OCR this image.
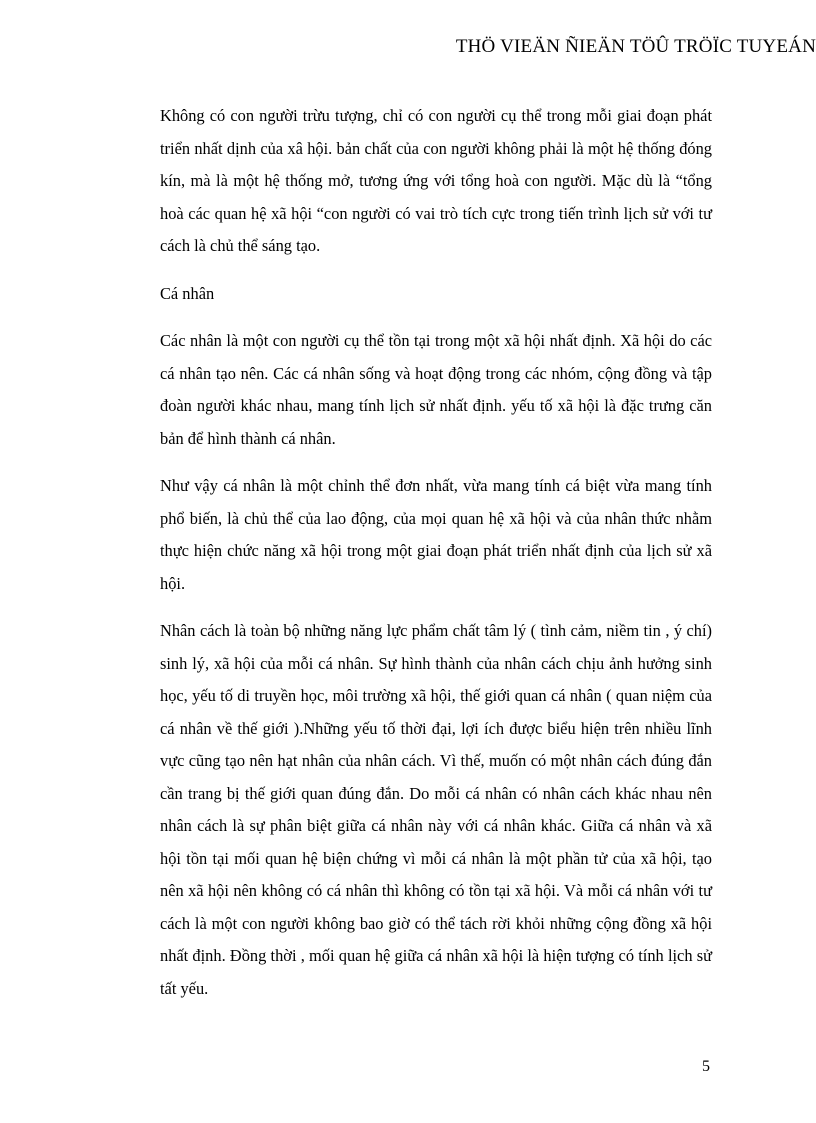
THÖ VIEÄN ÑIEÄN TÖÛ TRÖÏC TUYEÁN

Không có con người trừu tượng, chỉ có con người cụ thể trong mỗi giai đoạn phát triển nhất dịnh của xâ hội. bản chất của con người không phải là một hệ thống đóng kín, mà là một hệ thống mở, tương ứng với tổng hoà con người. Mặc dù là “tổng hoà các quan hệ xã hội “con người có vai trò tích cực trong tiến trình lịch sử với tư cách là chủ thể sáng tạo.

Cá nhân

Các nhân là một con người cụ thể tồn tại trong một xã hội nhất định. Xã hội do các cá nhân tạo nên. Các cá nhân sống và hoạt động trong các nhóm, cộng đồng và tập đoàn người khác nhau, mang tính lịch sử nhất định. yếu tố xã hội là đặc trưng căn bản để hình thành cá nhân.

Như vậy cá nhân là một chỉnh thể đơn nhất, vừa mang tính cá biệt vừa mang tính phổ biến, là chủ thể của lao động, của mọi quan hệ xã hội và của nhân thức nhằm thực hiện chức năng xã hội trong một giai đoạn phát triển nhất định của lịch sử xã hội.

Nhân cách là toàn bộ những năng lực phẩm chất tâm lý ( tình cảm, niềm tin , ý chí) sinh lý, xã hội của mỗi cá nhân. Sự hình thành của nhân cách chịu ảnh hưởng sinh học, yếu tố di truyền học, môi trường xã hội, thế giới quan cá nhân ( quan niệm của cá nhân về thế giới ).Những yếu tố thời đại, lợi ích được biểu hiện trên nhiều lĩnh vực cũng tạo nên hạt nhân của nhân cách. Vì thế, muốn có một nhân cách đúng đắn cần trang bị thế giới quan đúng đắn. Do mỗi cá nhân có nhân cách khác nhau nên nhân cách là sự phân biệt giữa cá nhân này với cá nhân khác. Giữa cá nhân và xã hội tồn tại mối quan hệ biện chứng vì mỗi cá nhân là một phần tử của xã hội, tạo nên xã hội nên không có cá nhân thì không có tồn tại xã hội. Và mỗi cá nhân với tư cách là một con người không bao giờ có thể tách rời khỏi những cộng đồng xã hội nhất định. Đồng thời , mối quan hệ giữa cá nhân xã hội là hiện tượng có tính lịch sử tất yếu.

5
